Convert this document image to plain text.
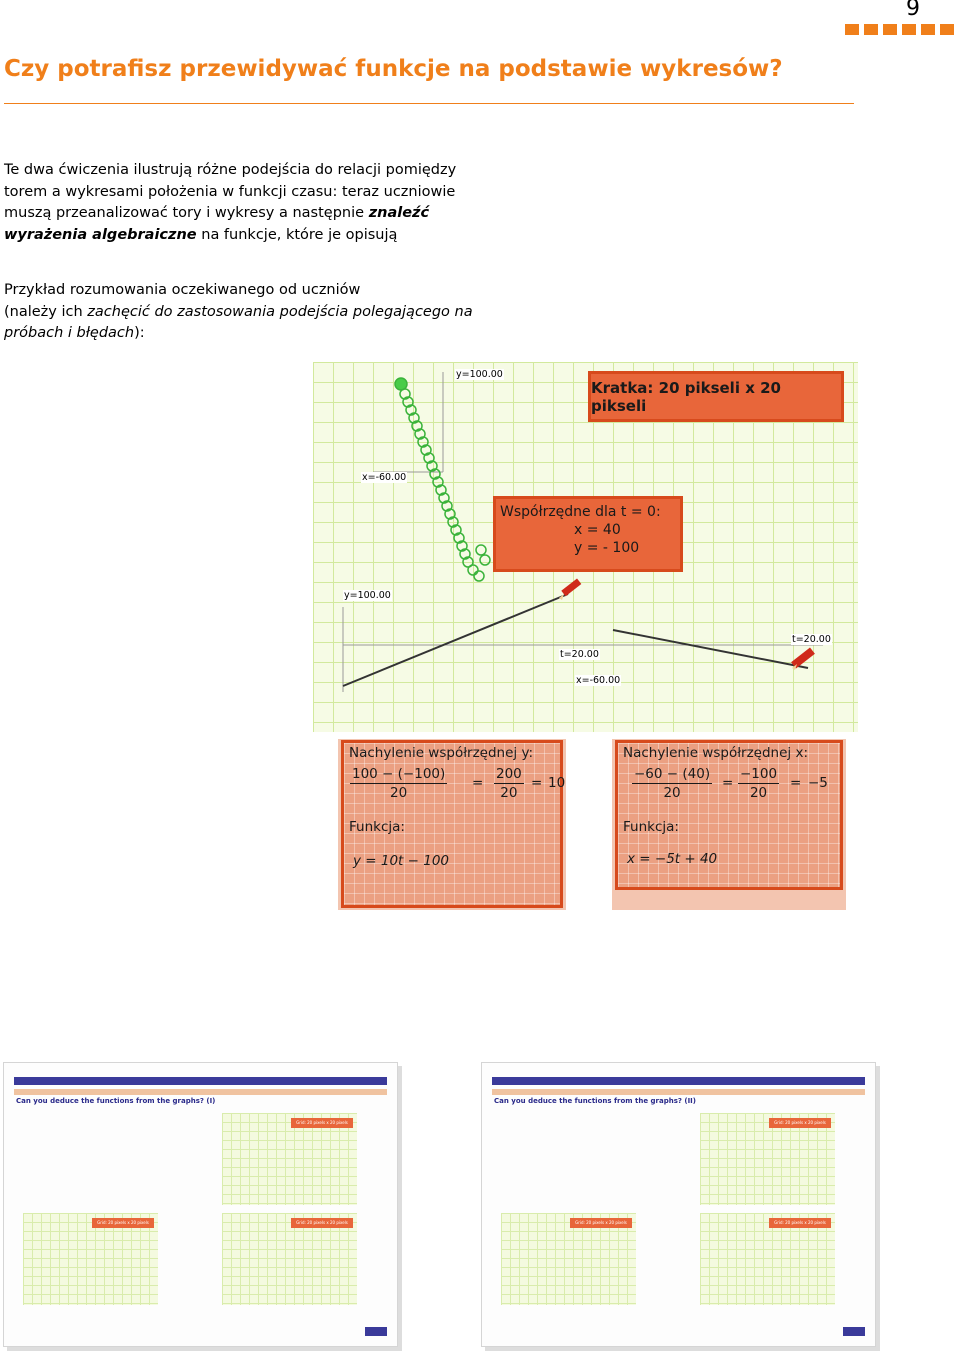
9
Czy potrafisz przewidywać funkcje na podstawie wykresów?

Te dwa ćwiczenia ilustrują różne podejścia do relacji pomiędzy torem a wykresami położenia w funkcji czasu: teraz uczniowie muszą przeanalizować tory i wykresy a następnie znaleźć wyrażenia algebraiczne na funkcje, które je opisują

Przykład rozumowania oczekiwanego od uczniów
(należy ich zachęcić do zastosowania podejścia polegającego na próbach i błędach):

y=100.00
x=-60.00
y=100.00
t=20.00
t=20.00
x=-60.00
Kratka: 20 pikseli x 20 pikseli
Współrzędne dla t = 0:
x = 40
y = - 100
Nachylenie współrzędnej y:
100 − (−100)
20
=
200
20
= 10
Funkcja:
y = 10t − 100
Nachylenie współrzędnej x:
−60 − (40)
20
=
−100
20
= −5
Funkcja:
x = −5t + 40
Can you deduce the functions from the graphs? (I)
Grid: 20 pixels x 20 pixels
Grid: 20 pixels x 20 pixels	Grid: 20 pixels x 20 pixels
Can you deduce the functions from the graphs? (II)
Grid: 20 pixels x 20 pixels
Grid: 20 pixels x 20 pixels	Grid: 20 pixels x 20 pixels
